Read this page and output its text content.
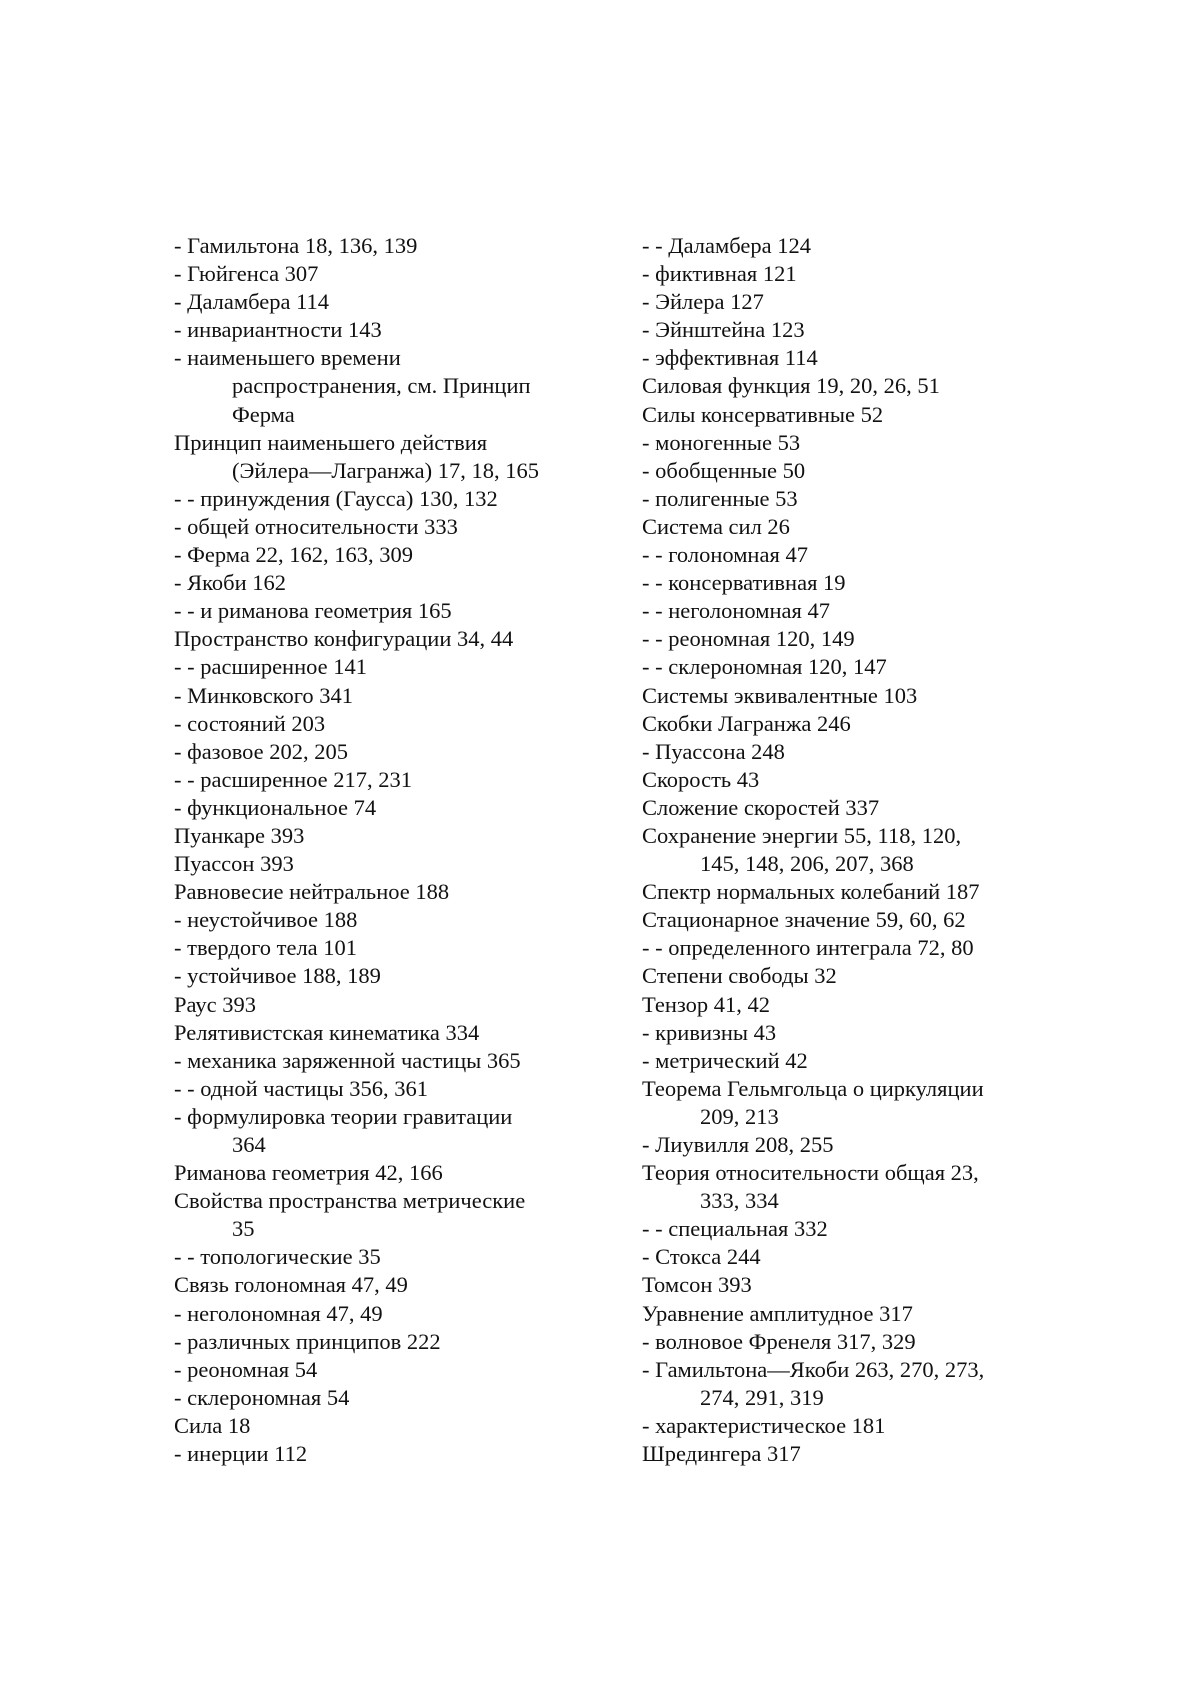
- Гамильтона 18, 136, 139
- Гюйгенса 307
- Даламбера 114
- инвариантности 143
- наименьшего времени
распространения, см. Принцип
Ферма
Принцип наименьшего действия
(Эйлера—Лагранжа) 17, 18, 165
- - принуждения (Гаусса) 130, 132
- общей относительности 333
- Ферма 22, 162, 163, 309
- Якоби 162
- - и риманова геометрия 165
Пространство конфигурации 34, 44
- - расширенное 141
- Минковского 341
- состояний 203
- фазовое 202, 205
- - расширенное 217, 231
- функциональное 74
Пуанкаре 393
Пуассон 393
Равновесие нейтральное 188
- неустойчивое 188
- твердого тела 101
- устойчивое 188, 189
Раус 393
Релятивистская кинематика 334
- механика заряженной частицы 365
- - одной частицы 356, 361
- формулировка теории гравитации
364
Риманова геометрия 42, 166
Свойства пространства метрические
35
- - топологические 35
Связь голономная 47, 49
- неголономная 47, 49
- различных принципов 222
- реономная 54
- склерономная 54
Сила 18
- инерции 112
- - Даламбера 124
- фиктивная 121
- Эйлера 127
- Эйнштейна 123
- эффективная 114
Силовая функция 19, 20, 26, 51
Силы консервативные 52
- моногенные 53
- обобщенные 50
- полигенные 53
Система сил 26
- - голономная 47
- - консервативная 19
- - неголономная 47
- - реономная 120, 149
- - склерономная 120, 147
Системы эквивалентные 103
Скобки Лагранжа 246
- Пуассона 248
Скорость 43
Сложение скоростей 337
Сохранение энергии 55, 118, 120,
145, 148, 206, 207, 368
Спектр нормальных колебаний 187
Стационарное значение 59, 60, 62
- - определенного интеграла 72, 80
Степени свободы 32
Тензор 41, 42
- кривизны 43
- метрический 42
Теорема Гельмгольца о циркуляции
209, 213
- Лиувилля 208, 255
Теория относительности общая 23,
333, 334
- - специальная 332
- Стокса 244
Томсон 393
Уравнение амплитудное 317
- волновое Френеля 317, 329
- Гамильтона—Якоби 263, 270, 273,
274, 291, 319
- характеристическое 181
Шредингера 317
